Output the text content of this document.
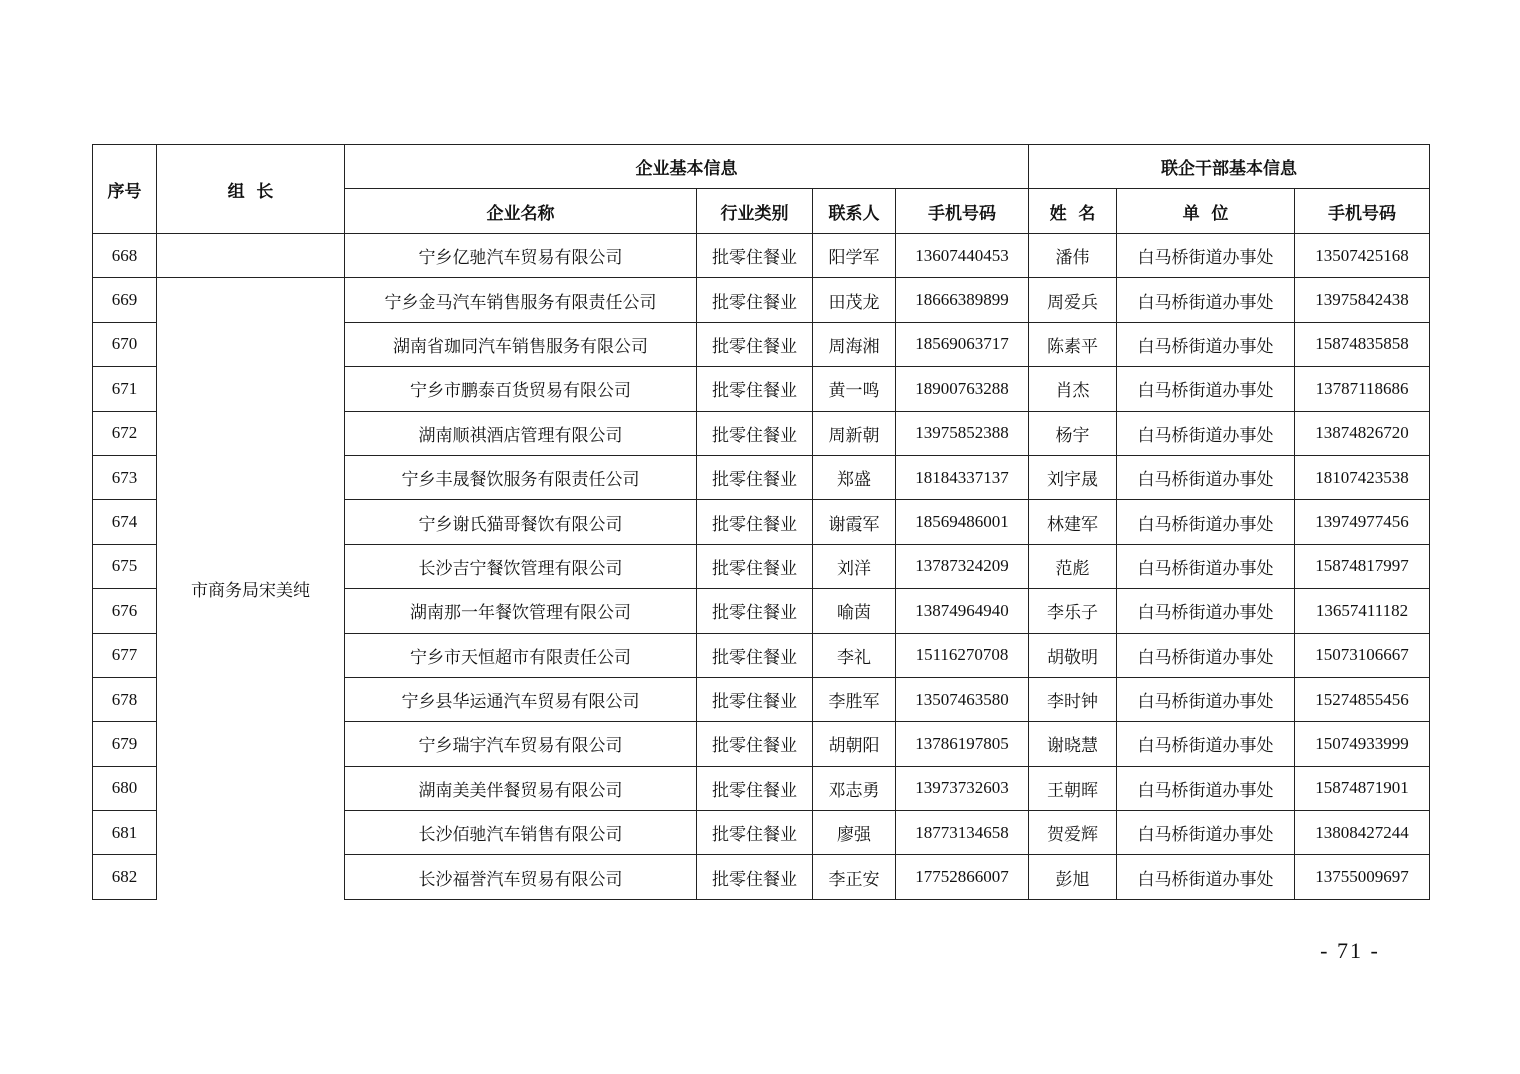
序号	组  长	企业基本信息				联企干部基本信息		
		企业名称	行业类别	联系人	手机号码	姓  名	单  位	手机号码
668		宁乡亿驰汽车贸易有限公司	批零住餐业	阳学军	13607440453	潘伟	白马桥街道办事处	13507425168
669	市商务局宋美纯	宁乡金马汽车销售服务有限责任公司	批零住餐业	田茂龙	18666389899	周爱兵	白马桥街道办事处	13975842438
670		湖南省珈同汽车销售服务有限公司	批零住餐业	周海湘	18569063717	陈素平	白马桥街道办事处	15874835858
671		宁乡市鹏泰百货贸易有限公司	批零住餐业	黄一鸣	18900763288	肖杰	白马桥街道办事处	13787118686
672		湖南顺祺酒店管理有限公司	批零住餐业	周新朝	13975852388	杨宇	白马桥街道办事处	13874826720
673		宁乡丰晟餐饮服务有限责任公司	批零住餐业	郑盛	18184337137	刘宇晟	白马桥街道办事处	18107423538
674		宁乡谢氏猫哥餐饮有限公司	批零住餐业	谢霞军	18569486001	林建军	白马桥街道办事处	13974977456
675		长沙吉宁餐饮管理有限公司	批零住餐业	刘洋	13787324209	范彪	白马桥街道办事处	15874817997
676		湖南那一年餐饮管理有限公司	批零住餐业	喻茵	13874964940	李乐子	白马桥街道办事处	13657411182
677		宁乡市天恒超市有限责任公司	批零住餐业	李礼	15116270708	胡敬明	白马桥街道办事处	15073106667
678		宁乡县华运通汽车贸易有限公司	批零住餐业	李胜军	13507463580	李时钟	白马桥街道办事处	15274855456
679		宁乡瑞宇汽车贸易有限公司	批零住餐业	胡朝阳	13786197805	谢晓慧	白马桥街道办事处	15074933999
680		湖南美美伴餐贸易有限公司	批零住餐业	邓志勇	13973732603	王朝晖	白马桥街道办事处	15874871901
681		长沙佰驰汽车销售有限公司	批零住餐业	廖强	18773134658	贺爱辉	白马桥街道办事处	13808427244
682		长沙福誉汽车贸易有限公司	批零住餐业	李正安	17752866007	彭旭	白马桥街道办事处	13755009697
- 71 -
